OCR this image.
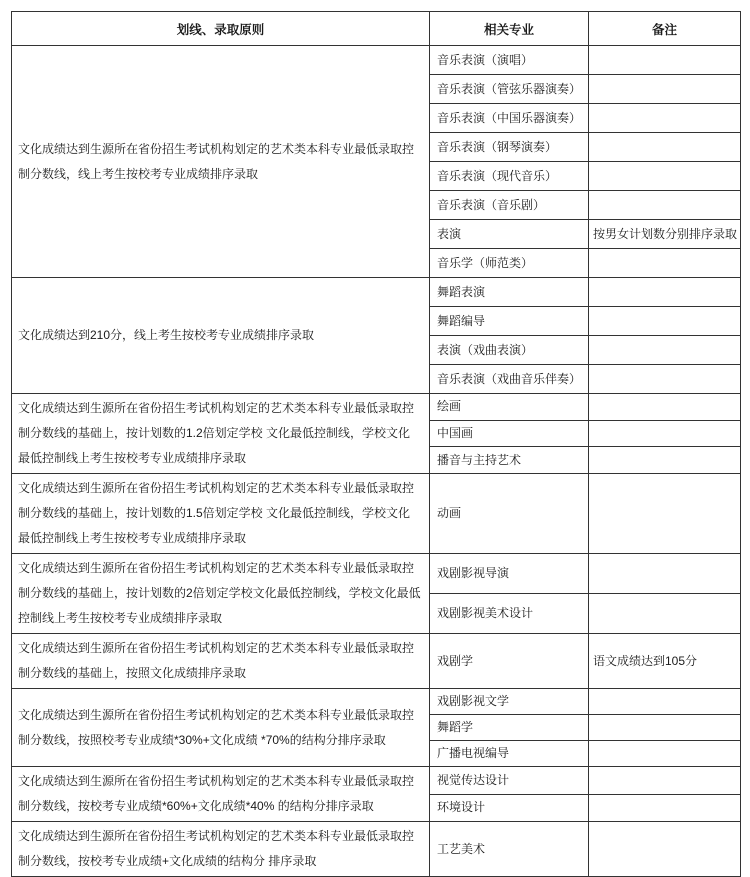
划线、录取原则	相关专业	备注
文化成绩达到生源所在省份招生考试机构划定的艺术类本科专业最低录取控制分数线，线上考生按校考专业成绩排序录取	音乐表演（演唱）	
	音乐表演（管弦乐器演奏）	
	音乐表演（中国乐器演奏）	
	音乐表演（钢琴演奏）	
	音乐表演（现代音乐）	
	音乐表演（音乐剧）	
	表演	按男女计划数分别排序录取
	音乐学（师范类）	
文化成绩达到210分，线上考生按校考专业成绩排序录取	舞蹈表演	
	舞蹈编导	
	表演（戏曲表演）	
	音乐表演（戏曲音乐伴奏）	
文化成绩达到生源所在省份招生考试机构划定的艺术类本科专业最低录取控制分数线的基础上，按计划数的1.2倍划定学校 文化最低控制线，学校文化最低控制线上考生按校考专业成绩排序录取	绘画	
	中国画	
	播音与主持艺术	
文化成绩达到生源所在省份招生考试机构划定的艺术类本科专业最低录取控制分数线的基础上，按计划数的1.5倍划定学校 文化最低控制线，学校文化最低控制线上考生按校考专业成绩排序录取	动画	
文化成绩达到生源所在省份招生考试机构划定的艺术类本科专业最低录取控制分数线的基础上，按计划数的2倍划定学校文化最低控制线，学校文化最低控制线上考生按校考专业成绩排序录取	戏剧影视导演	
	戏剧影视美术设计	
文化成绩达到生源所在省份招生考试机构划定的艺术类本科专业最低录取控制分数线的基础上，按照文化成绩排序录取	戏剧学	语文成绩达到105分
文化成绩达到生源所在省份招生考试机构划定的艺术类本科专业最低录取控制分数线，按照校考专业成绩*30%+文化成绩 *70%的结构分排序录取	戏剧影视文学	
	舞蹈学	
	广播电视编导	
文化成绩达到生源所在省份招生考试机构划定的艺术类本科专业最低录取控制分数线，按校考专业成绩*60%+文化成绩*40% 的结构分排序录取	视觉传达设计	
	环境设计	
文化成绩达到生源所在省份招生考试机构划定的艺术类本科专业最低录取控制分数线，按校考专业成绩+文化成绩的结构分 排序录取	工艺美术	
